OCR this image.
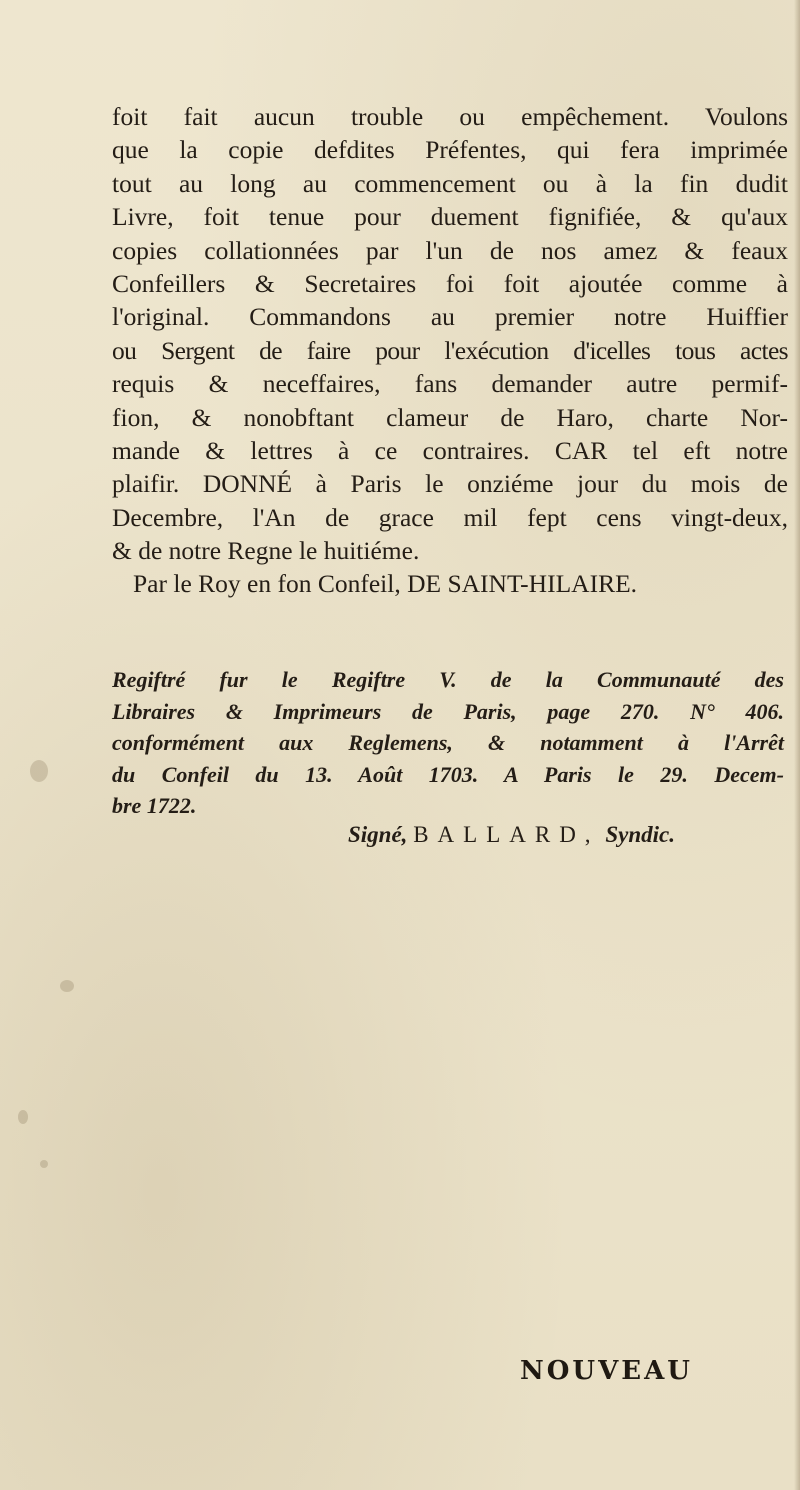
foit fait aucun trouble ou empêchement. Voulons
que la copie defdites Préfentes, qui fera imprimée
tout au long au commencement ou à la fin dudit
Livre, foit tenue pour duement fignifiée, & qu'aux
copies collationnées par l'un de nos amez & feaux
Confeillers & Secretaires foi foit ajoutée comme à
l'original. Commandons au premier notre Huiffier
ou Sergent de faire pour l'exécution d'icelles tous actes
requis & neceffaires, fans demander autre permif-
fion, & nonobftant clameur de Haro, charte Nor-
mande & lettres à ce contraires. CAR tel eft notre
plaifir. DONNÉ à Paris le onziéme jour du mois de
Decembre, l'An de grace mil fept cens vingt-deux,
& de notre Regne le huitiéme.
Par le Roy en fon Confeil, DE SAINT-HILAIRE.
Regiftré fur le Regiftre V. de la Communauté des
Libraires & Imprimeurs de Paris, page 270. N° 406.
conformément aux Reglemens, & notamment à l'Arrêt
du Confeil du 13. Août 1703. A Paris le 29. Decem-
bre 1722.
Signé, BALLARD, Syndic.
NOUVEAU
